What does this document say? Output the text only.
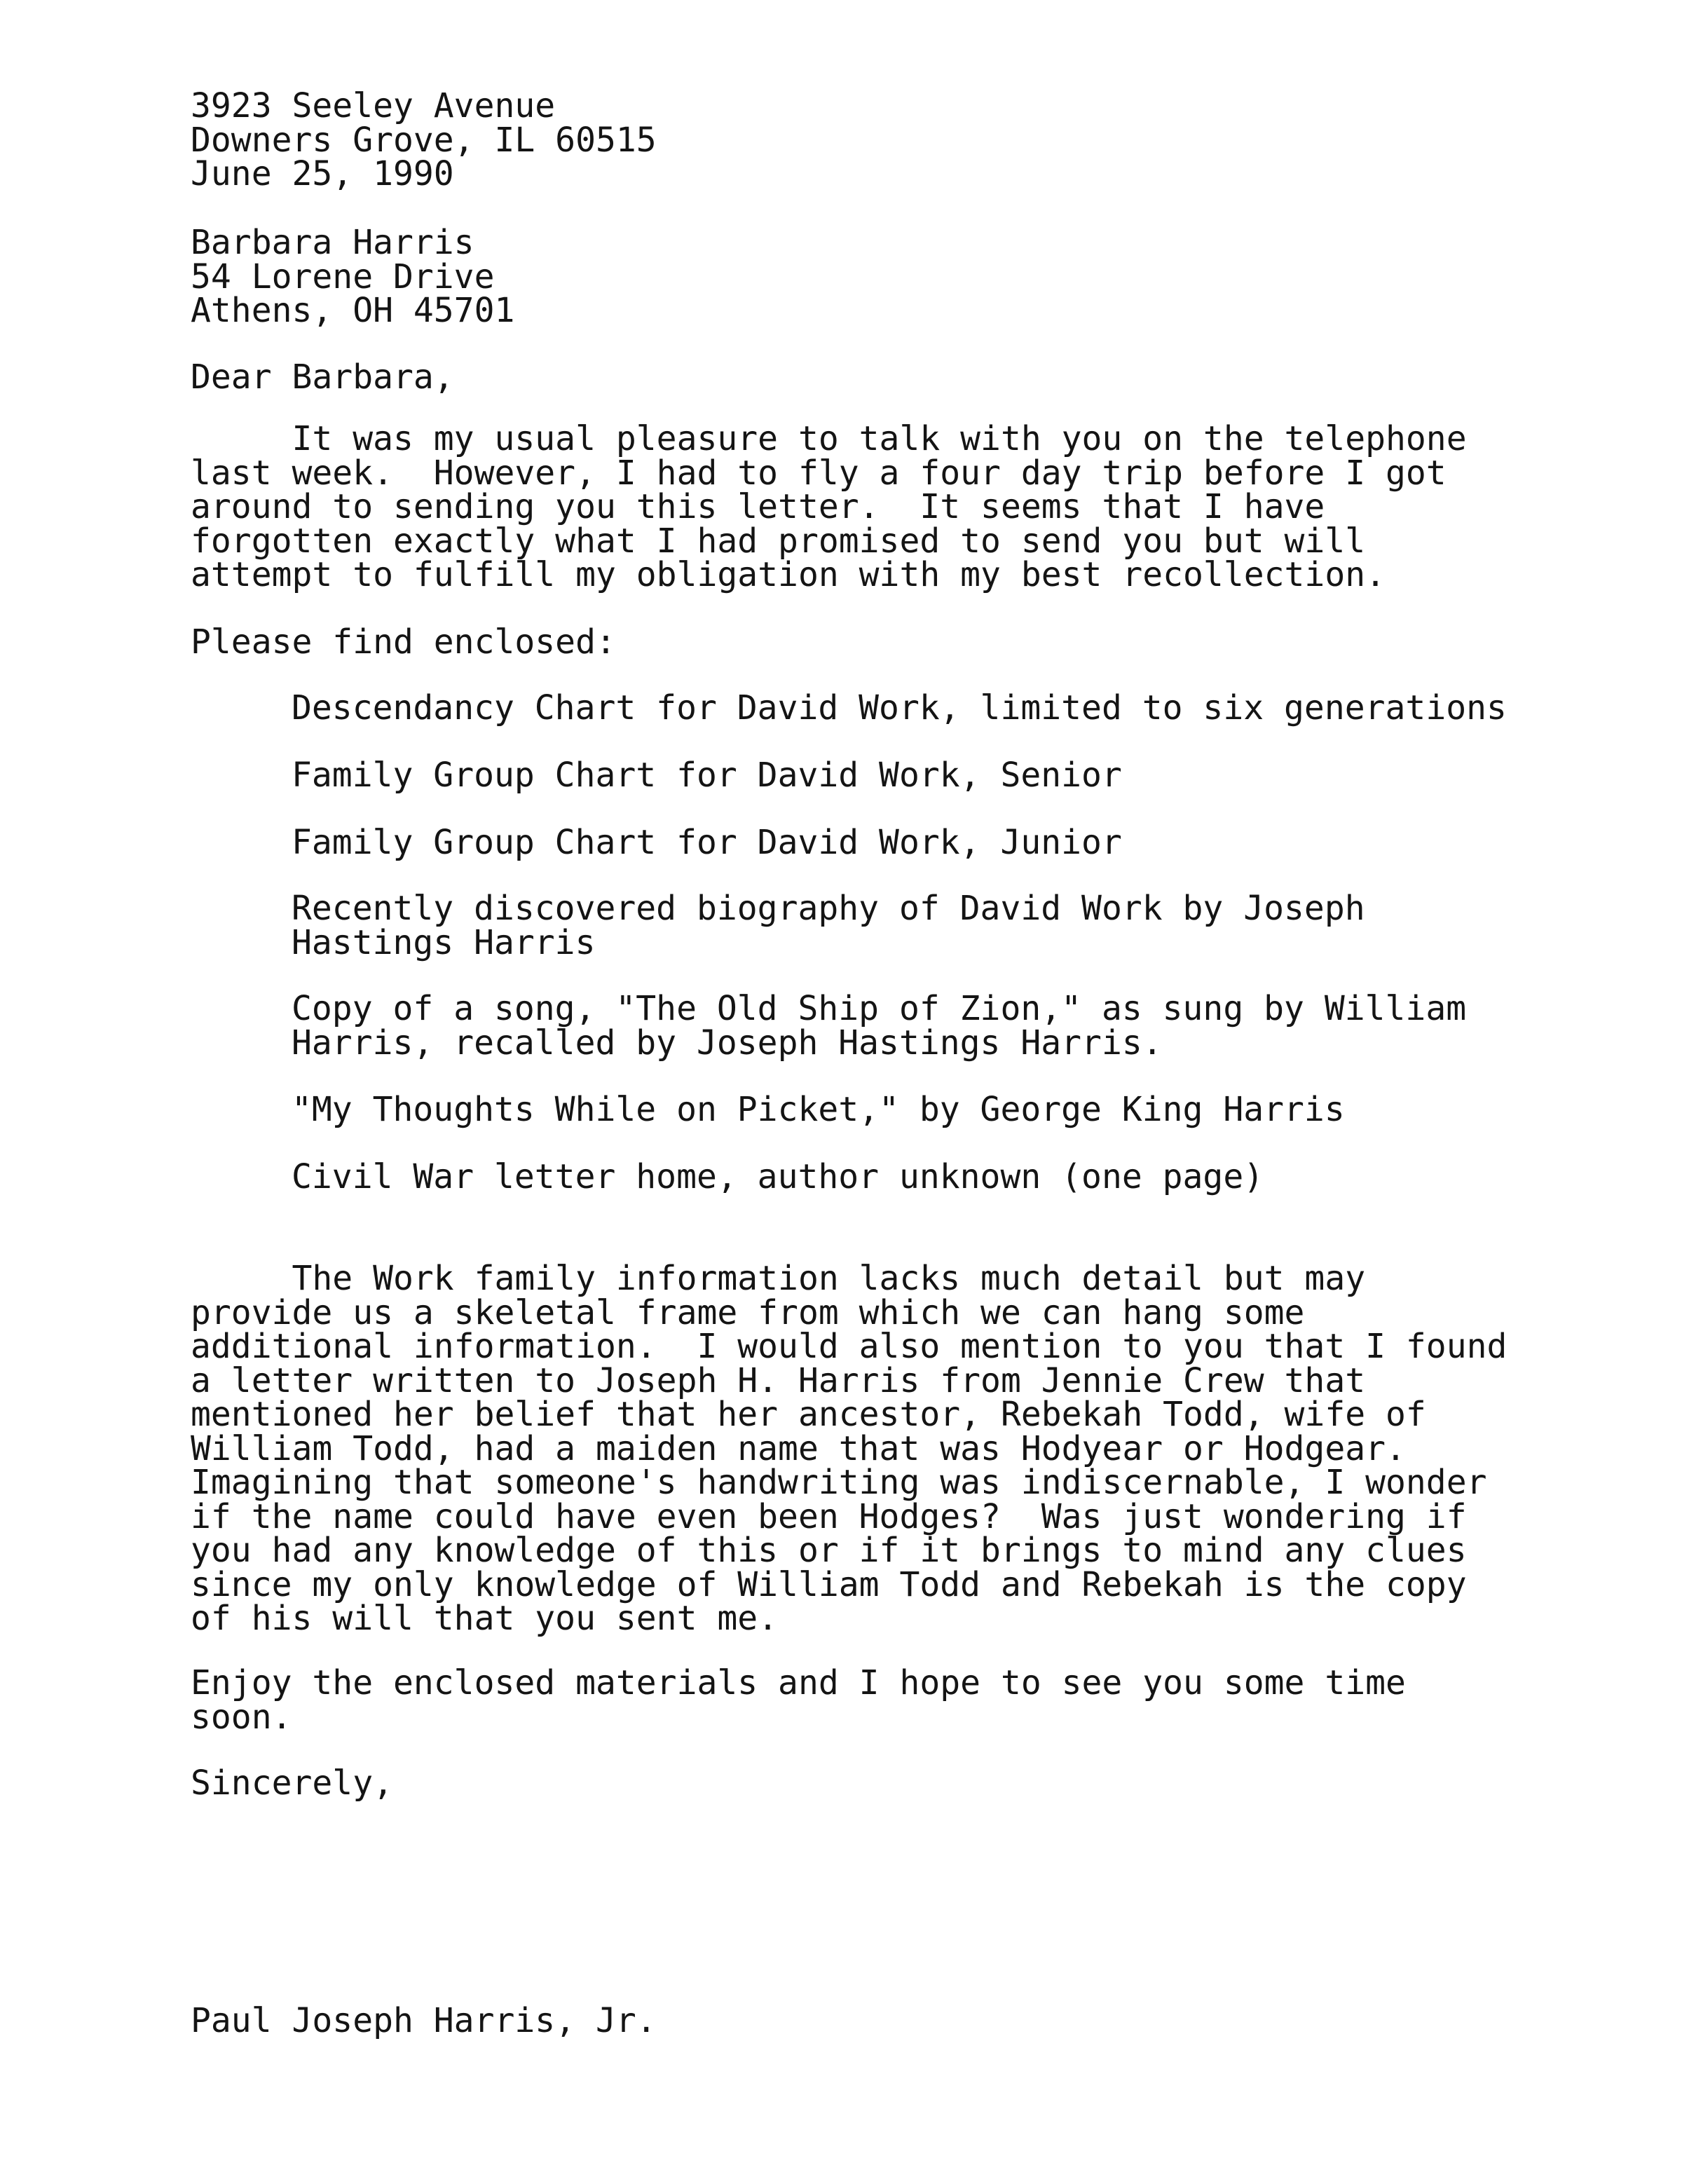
3923 Seeley Avenue
Downers Grove, IL 60515
June 25, 1990
Barbara Harris
54 Lorene Drive
Athens, OH 45701
Dear Barbara,
It was my usual pleasure to talk with you on the telephone
last week.  However, I had to fly a four day trip before I got
around to sending you this letter.  It seems that I have
forgotten exactly what I had promised to send you but will
attempt to fulfill my obligation with my best recollection.
Please find enclosed:
Descendancy Chart for David Work, limited to six generations
Family Group Chart for David Work, Senior
Family Group Chart for David Work, Junior
Recently discovered biography of David Work by Joseph
Hastings Harris
Copy of a song, "The Old Ship of Zion," as sung by William
Harris, recalled by Joseph Hastings Harris.
"My Thoughts While on Picket," by George King Harris
Civil War letter home, author unknown (one page)
The Work family information lacks much detail but may
provide us a skeletal frame from which we can hang some
additional information.  I would also mention to you that I found
a letter written to Joseph H. Harris from Jennie Crew that
mentioned her belief that her ancestor, Rebekah Todd, wife of
William Todd, had a maiden name that was Hodyear or Hodgear.
Imagining that someone's handwriting was indiscernable, I wonder
if the name could have even been Hodges?  Was just wondering if
you had any knowledge of this or if it brings to mind any clues
since my only knowledge of William Todd and Rebekah is the copy
of his will that you sent me.
Enjoy the enclosed materials and I hope to see you some time
soon.
Sincerely,
Paul Joseph Harris, Jr.
